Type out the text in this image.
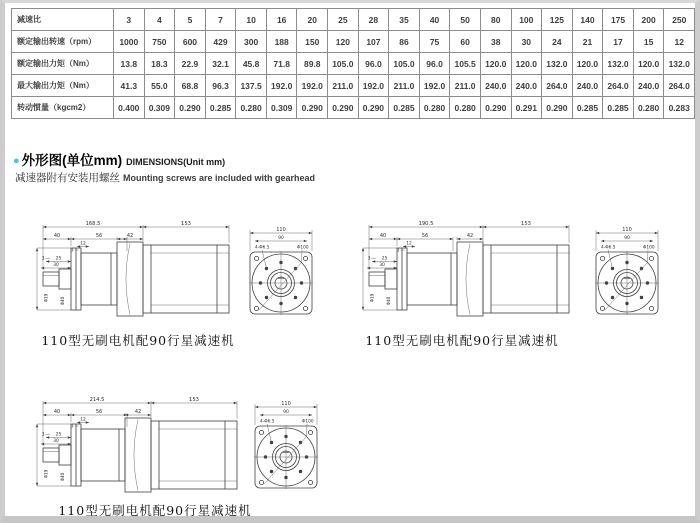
减速比	3	4	5	7	10	16	20	25	28	35	40	50	80	100	125	140	175	200	250
额定输出转速（rpm）	1000	750	600	429	300	188	150	120	107	86	75	60	38	30	24	21	17	15	12
额定输出力矩（Nm）	13.8	18.3	22.9	32.1	45.8	71.8	89.8	105.0	96.0	105.0	96.0	105.5	120.0	120.0	132.0	120.0	132.0	120.0	132.0
最大输出力矩（Nm）	41.3	55.0	68.8	96.3	137.5	192.0	192.0	211.0	192.0	211.0	192.0	211.0	240.0	240.0	264.0	240.0	264.0	240.0	264.0
转动惯量（kgcm2）	0.400	0.309	0.290	0.285	0.280	0.309	0.290	0.290	0.290	0.285	0.280	0.280	0.290	0.291	0.290	0.285	0.285	0.280	0.283
● 外形图(单位mm) DIMENSIONS(Unit mm)
减速器附有安装用螺丝 Mounting screws are included with gearhead
168.5	153
40	56	42
12
3
3	25
30
Φ19	Φ40
110
90
4-Φ6.5	Φ100
110型无刷电机配90行星减速机
190.5	153
40	56	42
12
3
3	25
30
Φ19	Φ40
110
90
4-Φ6.5	Φ100
110型无刷电机配90行星减速机
214.5	153
40	56	42
12
3
3	25
30
Φ19	Φ40
110
90
4-Φ6.5	Φ100
110型无刷电机配90行星减速机
